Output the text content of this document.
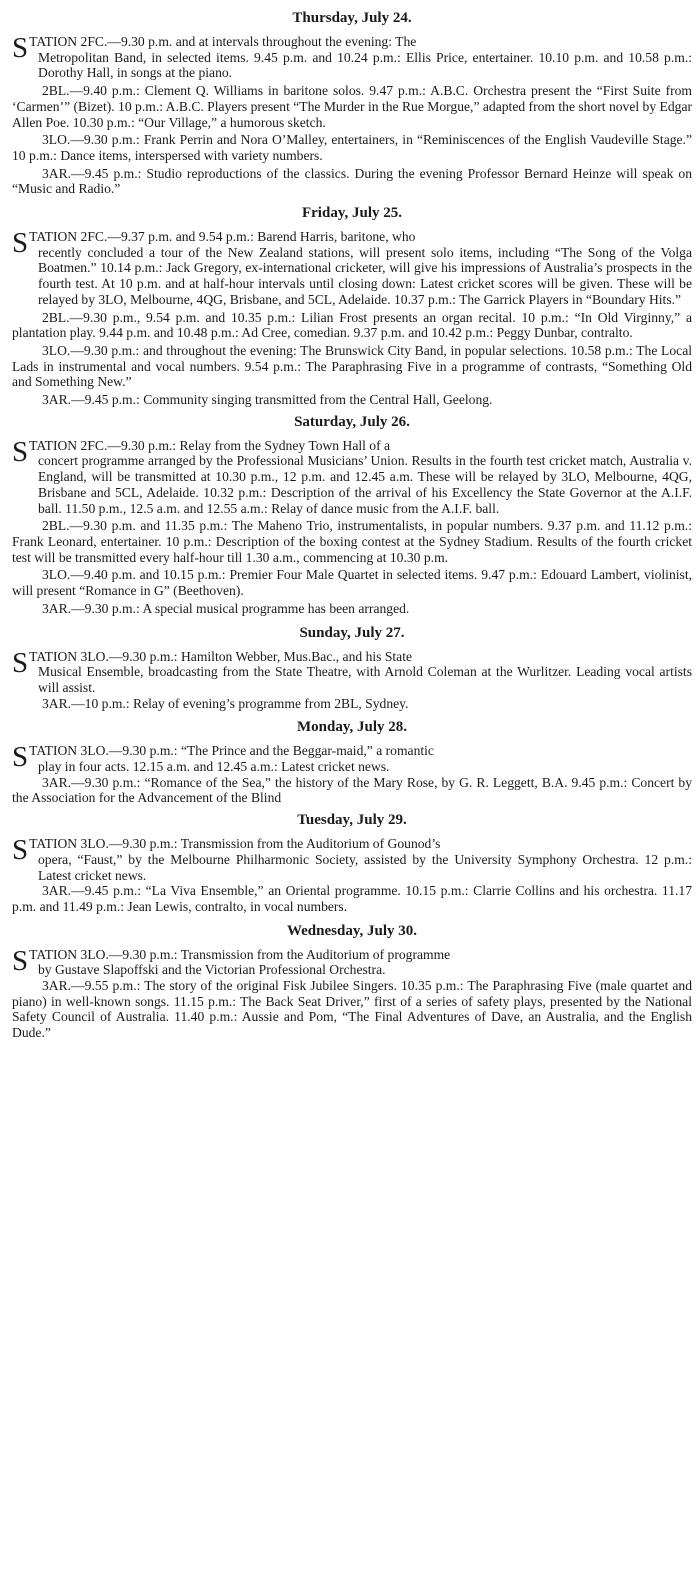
Thursday, July 24.

STATION 2FC.—9.30 p.m. and at intervals throughout the evening: The
Metropolitan Band, in selected items. 9.45 p.m. and 10.24 p.m.: Ellis Price, entertainer. 10.10 p.m. and 10.58 p.m.: Dorothy Hall, in songs at the piano.

2BL.—9.40 p.m.: Clement Q. Williams in baritone solos. 9.47 p.m.: A.B.C. Orchestra present the “First Suite from ‘Carmen’” (Bizet). 10 p.m.: A.B.C. Players present “The Murder in the Rue Morgue,” adapted from the short novel by Edgar Allen Poe. 10.30 p.m.: “Our Village,” a humorous sketch.

3LO.—9.30 p.m.: Frank Perrin and Nora O’Malley, entertainers, in “Reminiscences of the English Vaudeville Stage.” 10 p.m.: Dance items, interspersed with variety numbers.

3AR.—9.45 p.m.: Studio reproductions of the classics. During the evening Professor Bernard Heinze will speak on “Music and Radio.”

Friday, July 25.

STATION 2FC.—9.37 p.m. and 9.54 p.m.: Barend Harris, baritone, who
recently concluded a tour of the New Zealand stations, will present solo items, including “The Song of the Volga Boatmen.” 10.14 p.m.: Jack Gregory, ex-international cricketer, will give his impressions of Australia’s prospects in the fourth test. At 10 p.m. and at half-hour intervals until closing down: Latest cricket scores will be given. These will be relayed by 3LO, Melbourne, 4QG, Brisbane, and 5CL, Adelaide. 10.37 p.m.: The Garrick Players in “Boundary Hits.”

2BL.—9.30 p.m., 9.54 p.m. and 10.35 p.m.: Lilian Frost presents an organ recital. 10 p.m.: “In Old Virginny,” a plantation play. 9.44 p.m. and 10.48 p.m.: Ad Cree, comedian. 9.37 p.m. and 10.42 p.m.: Peggy Dunbar, contralto.

3LO.—9.30 p.m.: and throughout the evening: The Brunswick City Band, in popular selections. 10.58 p.m.: The Local Lads in instrumental and vocal numbers. 9.54 p.m.: The Paraphrasing Five in a programme of contrasts, “Something Old and Something New.”

3AR.—9.45 p.m.: Community singing transmitted from the Central Hall, Geelong.

Saturday, July 26.

STATION 2FC.—9.30 p.m.: Relay from the Sydney Town Hall of a
concert programme arranged by the Professional Musicians’ Union. Results in the fourth test cricket match, Australia v. England, will be transmitted at 10.30 p.m., 12 p.m. and 12.45 a.m. These will be relayed by 3LO, Melbourne, 4QG, Brisbane and 5CL, Adelaide. 10.32 p.m.: Description of the arrival of his Excellency the State Governor at the A.I.F. ball. 11.50 p.m., 12.5 a.m. and 12.55 a.m.: Relay of dance music from the A.I.F. ball.

2BL.—9.30 p.m. and 11.35 p.m.: The Maheno Trio, instrumentalists, in popular numbers. 9.37 p.m. and 11.12 p.m.: Frank Leonard, entertainer. 10 p.m.: Description of the boxing contest at the Sydney Stadium. Results of the fourth cricket test will be transmitted every half-hour till 1.30 a.m., commencing at 10.30 p.m.

3LO.—9.40 p.m. and 10.15 p.m.: Premier Four Male Quartet in selected items. 9.47 p.m.: Edouard Lambert, violinist, will present “Romance in G” (Beethoven).

3AR.—9.30 p.m.: A special musical programme has been arranged.

Sunday, July 27.

STATION 3LO.—9.30 p.m.: Hamilton Webber, Mus.Bac., and his State
Musical Ensemble, broadcasting from the State Theatre, with Arnold Coleman at the Wurlitzer. Leading vocal artists will assist.

3AR.—10 p.m.: Relay of evening’s programme from 2BL, Sydney.

Monday, July 28.

STATION 3LO.—9.30 p.m.: “The Prince and the Beggar-maid,” a romantic
play in four acts. 12.15 a.m. and 12.45 a.m.: Latest cricket news.

3AR.—9.30 p.m.: “Romance of the Sea,” the history of the Mary Rose, by G. R. Leggett, B.A. 9.45 p.m.: Concert by the Association for the Advancement of the Blind

Tuesday, July 29.

STATION 3LO.—9.30 p.m.: Transmission from the Auditorium of Gounod’s
opera, “Faust,” by the Melbourne Philharmonic Society, assisted by the University Symphony Orchestra. 12 p.m.: Latest cricket news.

3AR.—9.45 p.m.: “La Viva Ensemble,” an Oriental programme. 10.15 p.m.: Clarrie Collins and his orchestra. 11.17 p.m. and 11.49 p.m.: Jean Lewis, contralto, in vocal numbers.

Wednesday, July 30.

STATION 3LO.—9.30 p.m.: Transmission from the Auditorium of programme
by Gustave Slapoffski and the Victorian Professional Orchestra.

3AR.—9.55 p.m.: The story of the original Fisk Jubilee Singers. 10.35 p.m.: The Paraphrasing Five (male quartet and piano) in well-known songs. 11.15 p.m.: The Back Seat Driver,” first of a series of safety plays, presented by the National Safety Council of Australia. 11.40 p.m.: Aussie and Pom, “The Final Adventures of Dave, an Australia, and the English Dude.”
